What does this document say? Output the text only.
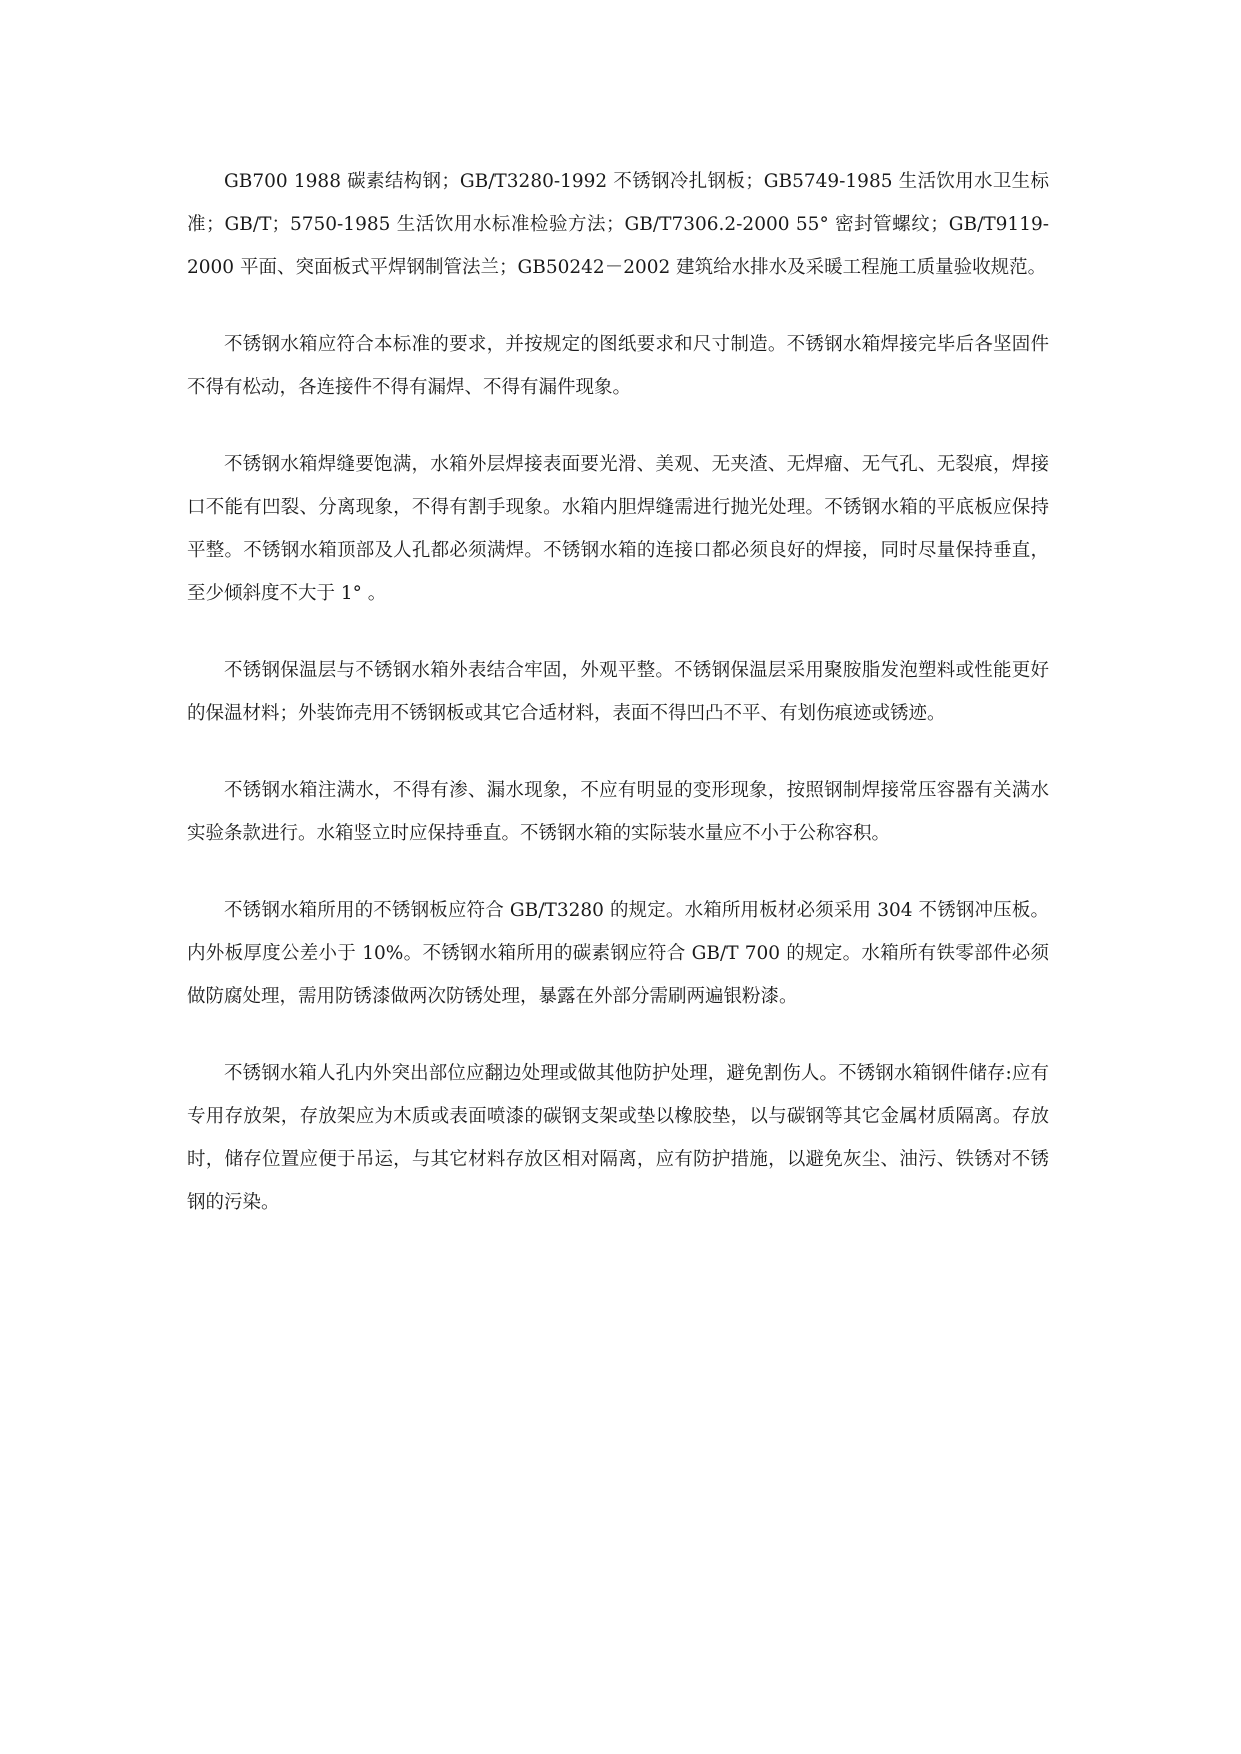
GB700 1988 碳素结构钢；GB/T3280-1992 不锈钢冷扎钢板；GB5749-1985 生活饮用水卫生标准；GB/T；5750-1985 生活饮用水标准检验方法；GB/T7306.2-2000 55° 密封管螺纹；GB/T9119-2000 平面、突面板式平焊钢制管法兰；GB50242－2002 建筑给水排水及采暖工程施工质量验收规范。

不锈钢水箱应符合本标准的要求，并按规定的图纸要求和尺寸制造。不锈钢水箱焊接完毕后各坚固件不得有松动，各连接件不得有漏焊、不得有漏件现象。

不锈钢水箱焊缝要饱满，水箱外层焊接表面要光滑、美观、无夹渣、无焊瘤、无气孔、无裂痕，焊接口不能有凹裂、分离现象，不得有割手现象。水箱内胆焊缝需进行抛光处理。不锈钢水箱的平底板应保持平整。不锈钢水箱顶部及人孔都必须满焊。不锈钢水箱的连接口都必须良好的焊接，同时尽量保持垂直，至少倾斜度不大于 1° 。

不锈钢保温层与不锈钢水箱外表结合牢固，外观平整。不锈钢保温层采用聚胺脂发泡塑料或性能更好的保温材料；外装饰壳用不锈钢板或其它合适材料，表面不得凹凸不平、有划伤痕迹或锈迹。

不锈钢水箱注满水，不得有渗、漏水现象，不应有明显的变形现象，按照钢制焊接常压容器有关满水实验条款进行。水箱竖立时应保持垂直。不锈钢水箱的实际装水量应不小于公称容积。

不锈钢水箱所用的不锈钢板应符合 GB/T3280 的规定。水箱所用板材必须采用 304 不锈钢冲压板。内外板厚度公差小于 10%。不锈钢水箱所用的碳素钢应符合 GB/T 700 的规定。水箱所有铁零部件必须做防腐处理，需用防锈漆做两次防锈处理，暴露在外部分需刷两遍银粉漆。

不锈钢水箱人孔内外突出部位应翻边处理或做其他防护处理，避免割伤人。不锈钢水箱钢件储存:应有专用存放架，存放架应为木质或表面喷漆的碳钢支架或垫以橡胶垫，以与碳钢等其它金属材质隔离。存放时，储存位置应便于吊运，与其它材料存放区相对隔离，应有防护措施，以避免灰尘、油污、铁锈对不锈钢的污染。
